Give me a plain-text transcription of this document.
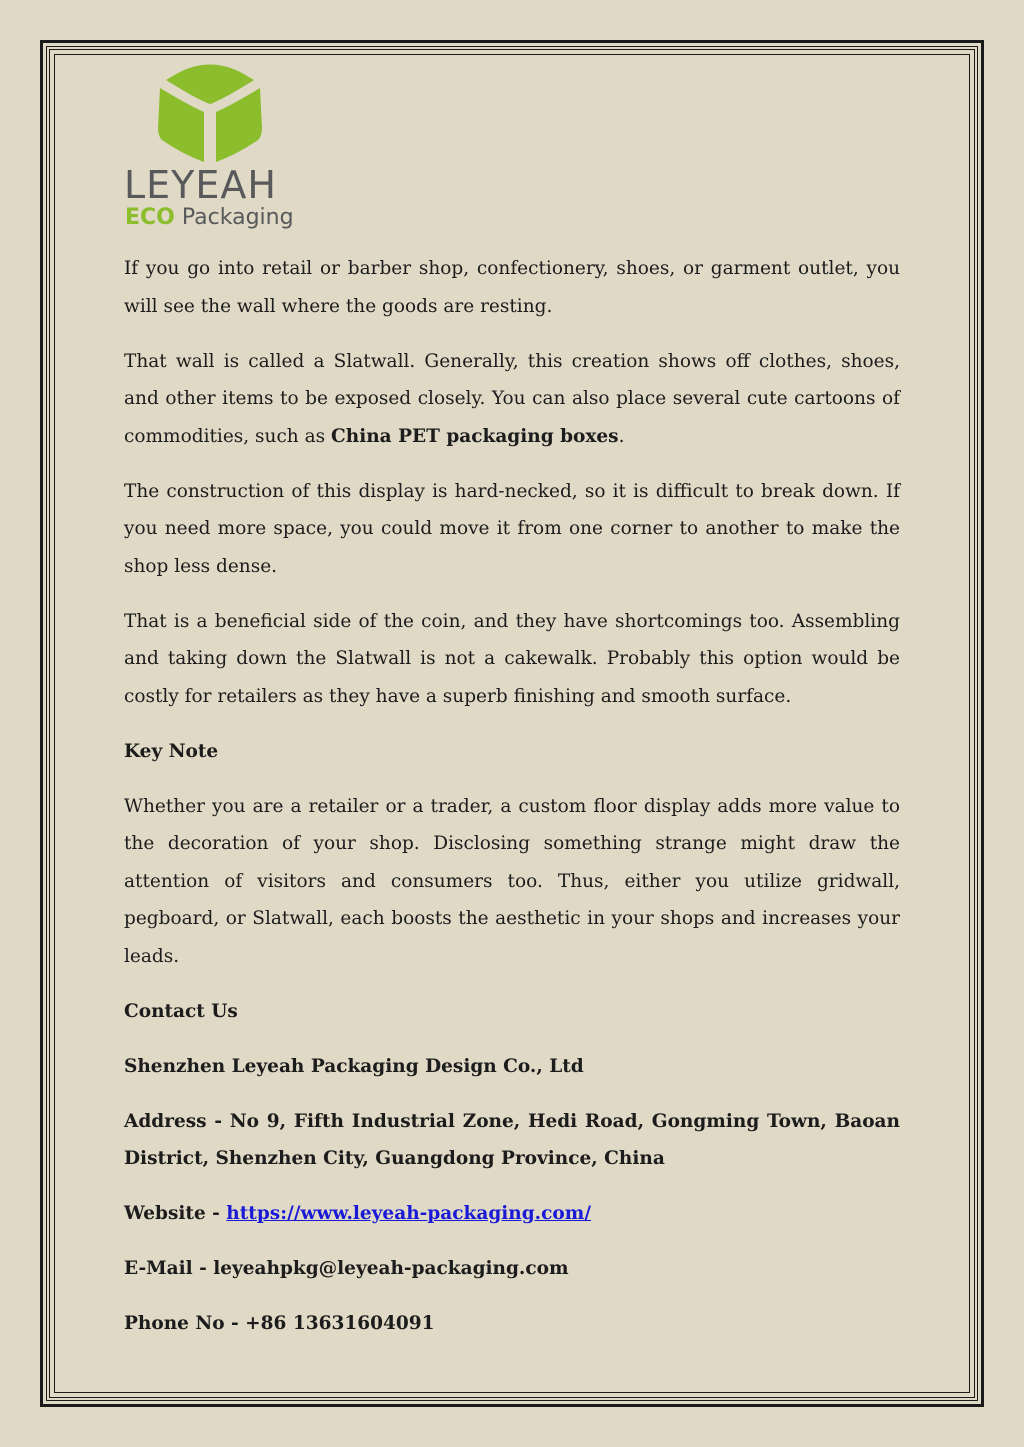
LEYEAH
ECO Packaging

If you go into retail or barber shop, confectionery, shoes, or garment outlet, you will see the wall where the goods are resting.

That wall is called a Slatwall. Generally, this creation shows off clothes, shoes, and other items to be exposed closely. You can also place several cute cartoons of commodities, such as China PET packaging boxes.

The construction of this display is hard-necked, so it is difficult to break down. If you need more space, you could move it from one corner to another to make the shop less dense.

That is a beneficial side of the coin, and they have shortcomings too. Assembling and taking down the Slatwall is not a cakewalk. Probably this option would be costly for retailers as they have a superb finishing and smooth surface.

Key Note

Whether you are a retailer or a trader, a custom floor display adds more value to the decoration of your shop. Disclosing something strange might draw the attention of visitors and consumers too. Thus, either you utilize gridwall, pegboard, or Slatwall, each boosts the aesthetic in your shops and increases your leads.

Contact Us

Shenzhen Leyeah Packaging Design Co., Ltd

Address - No 9, Fifth Industrial Zone, Hedi Road, Gongming Town, Baoan District, Shenzhen City, Guangdong Province, China

Website - https://www.leyeah-packaging.com/

E-Mail - leyeahpkg@leyeah-packaging.com

Phone No - +86 13631604091
